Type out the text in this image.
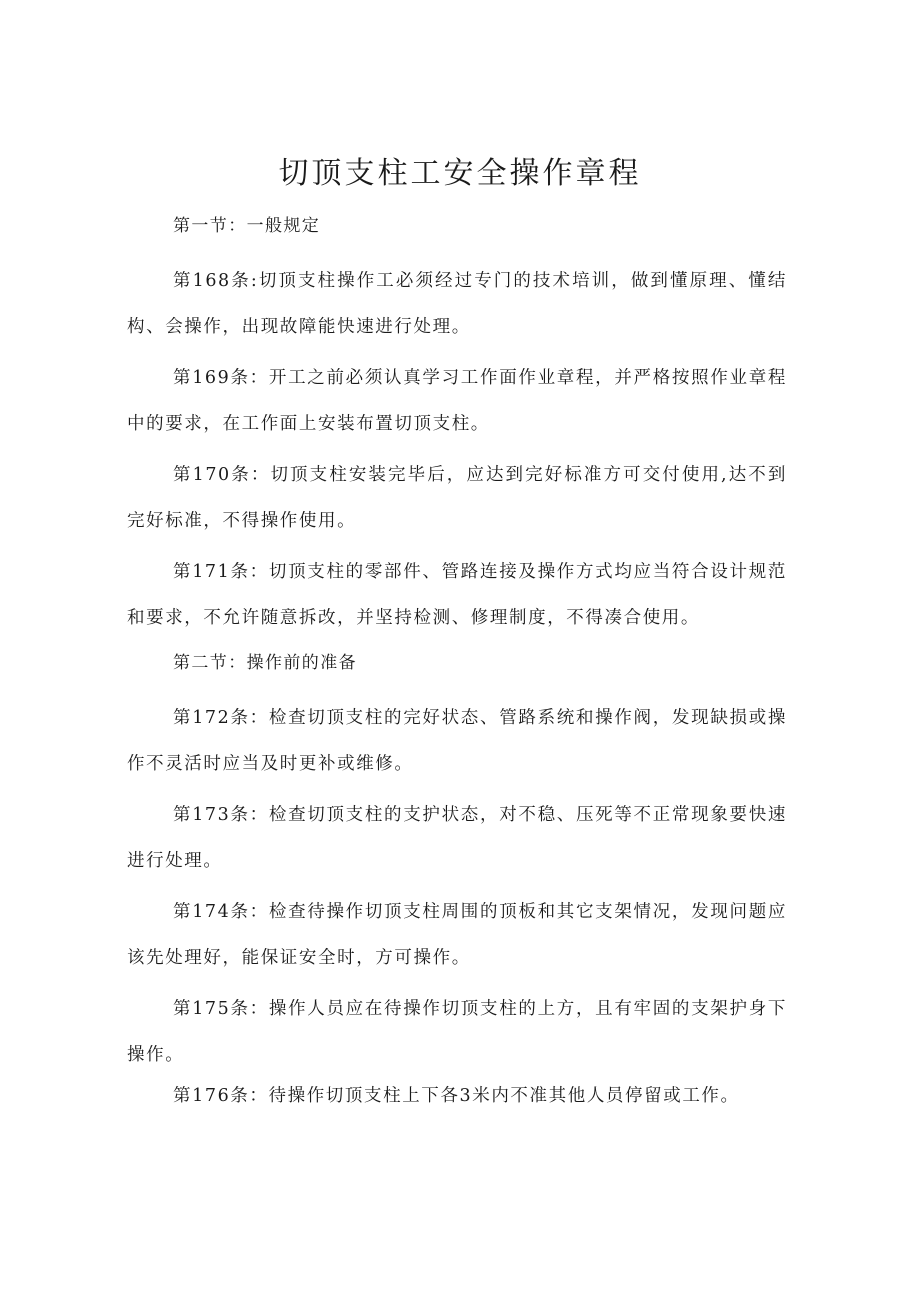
切顶支柱工安全操作章程

第一节：一般规定

第168条:切顶支柱操作工必须经过专门的技术培训，做到懂原理、懂结构、会操作，出现故障能快速进行处理。

第169条：开工之前必须认真学习工作面作业章程，并严格按照作业章程中的要求，在工作面上安装布置切顶支柱。

第170条：切顶支柱安装完毕后，应达到完好标准方可交付使用,达不到完好标准，不得操作使用。

第171条：切顶支柱的零部件、管路连接及操作方式均应当符合设计规范和要求，不允许随意拆改，并坚持检测、修理制度，不得凑合使用。

第二节：操作前的准备

第172条：检查切顶支柱的完好状态、管路系统和操作阀，发现缺损或操作不灵活时应当及时更补或维修。

第173条：检查切顶支柱的支护状态，对不稳、压死等不正常现象要快速进行处理。

第174条：检查待操作切顶支柱周围的顶板和其它支架情况，发现问题应该先处理好，能保证安全时，方可操作。

第175条：操作人员应在待操作切顶支柱的上方，且有牢固的支架护身下操作。

第176条：待操作切顶支柱上下各3米内不准其他人员停留或工作。
